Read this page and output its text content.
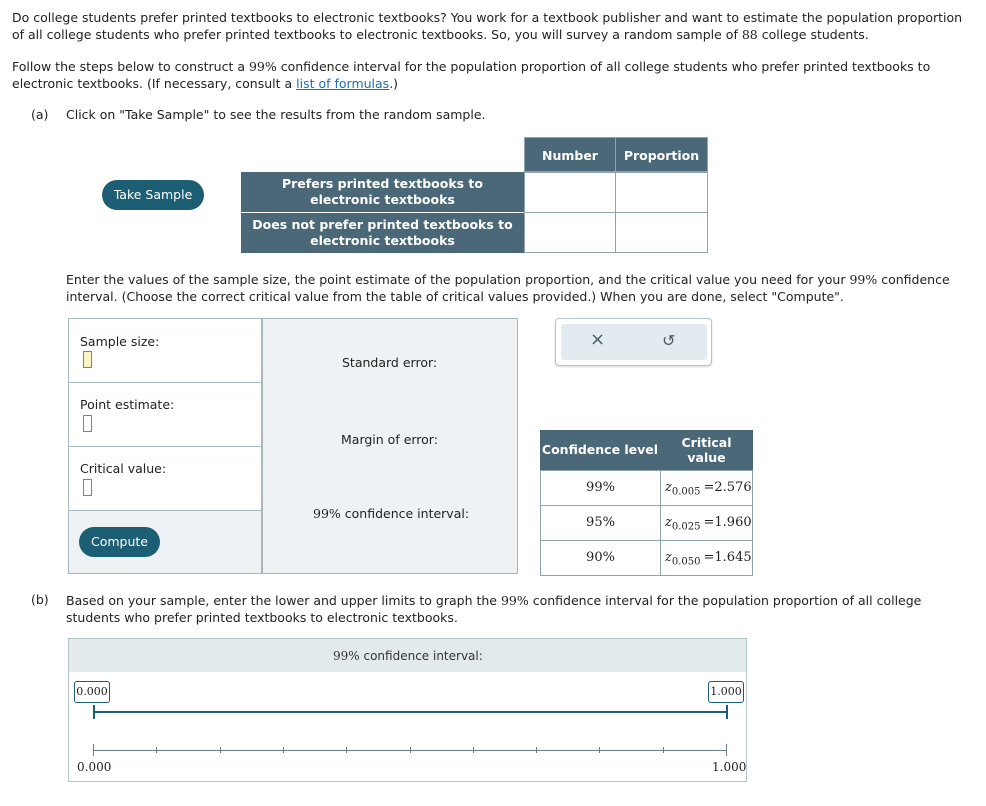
Do college students prefer printed textbooks to electronic textbooks? You work for a textbook publisher and want to estimate the population proportion of all college students who prefer printed textbooks to electronic textbooks. So, you will survey a random sample of 88 college students.

Follow the steps below to construct a 99% confidence interval for the population proportion of all college students who prefer printed textbooks to electronic textbooks. (If necessary, consult a list of formulas.)

(a) Click on "Take Sample" to see the results from the random sample.
Take Sample
Number	Proportion
Prefers printed textbooks to electronic textbooks
Does not prefer printed textbooks to electronic textbooks

Enter the values of the sample size, the point estimate of the population proportion, and the critical value you need for your 99% confidence interval. (Choose the correct critical value from the table of critical values provided.) When you are done, select "Compute".

Sample size:
Point estimate:
Critical value:
Compute
Standard error:
Margin of error:
99% confidence interval:
×	↺
Confidence level	Critical value
99%	$z_{0.005} =2.576$
95%	$z_{0.025} =1.960$
90%	$z_{0.050} =1.645$
(b) Based on your sample, enter the lower and upper limits to graph the 99% confidence interval for the population proportion of all college students who prefer printed textbooks to electronic textbooks.

99% confidence interval:
0.000	1.000
0.000	1.000
